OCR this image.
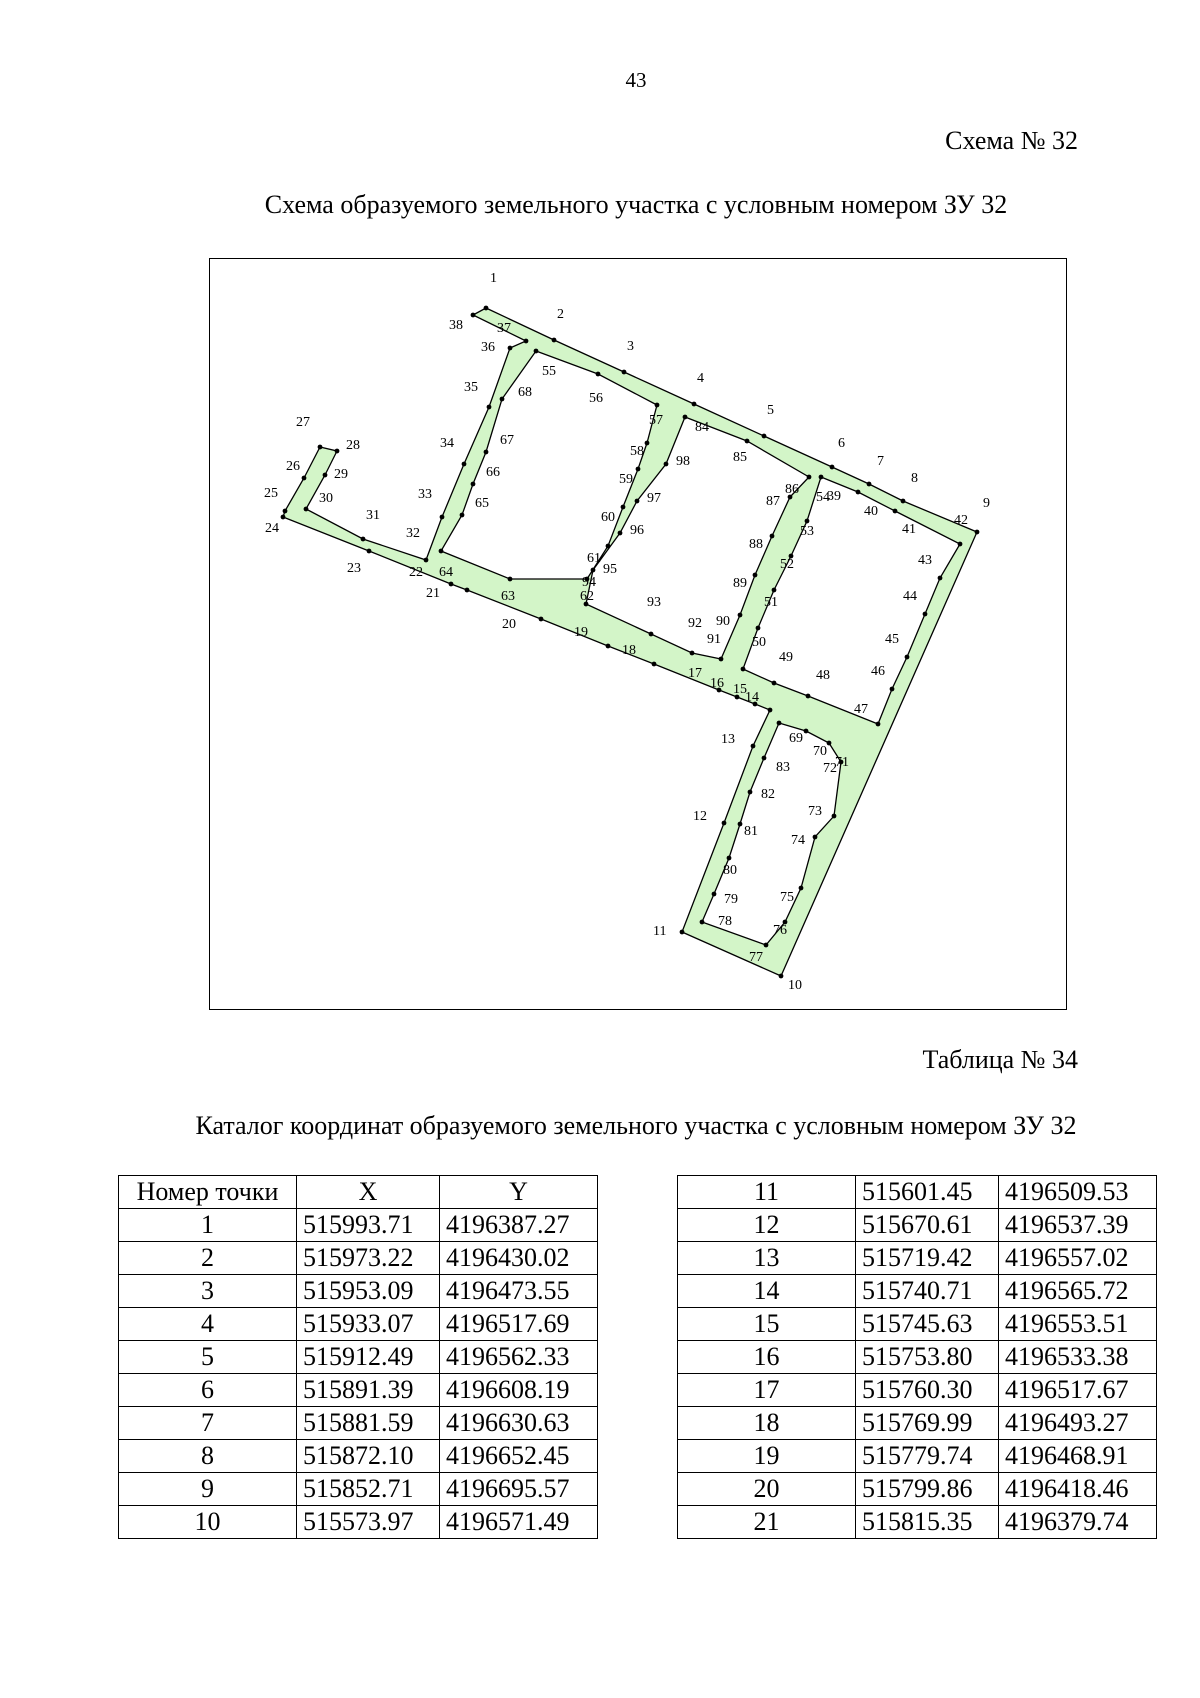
43
Схема № 32
Схема образуемого земельного участка с условным номером ЗУ 32
1
2
3
4
5
6
7
8
9
10
11
12
13
14
15
16
17
18
19
20
21
22
23
24
25
26
27
28
29
30
31
32
33
34
35
36
37
38
39
40
41
42
43
44
45
46
47
48
49
50
51
52
53
54
55
56
57
58
59
60
61
62
63
64
65
66
67
68
69
70
71
72
73
74
75
76
77
78
79
80
81
82
83
84
85
86
87
88
89
90
91
92
93
94
95
96
97
98
Таблица № 34
Каталог координат образуемого земельного участка с условным номером ЗУ 32
Номер точки	X	Y
1	515993.71	4196387.27
2	515973.22	4196430.02
3	515953.09	4196473.55
4	515933.07	4196517.69
5	515912.49	4196562.33
6	515891.39	4196608.19
7	515881.59	4196630.63
8	515872.10	4196652.45
9	515852.71	4196695.57
10	515573.97	4196571.49
11	515601.45	4196509.53
12	515670.61	4196537.39
13	515719.42	4196557.02
14	515740.71	4196565.72
15	515745.63	4196553.51
16	515753.80	4196533.38
17	515760.30	4196517.67
18	515769.99	4196493.27
19	515779.74	4196468.91
20	515799.86	4196418.46
21	515815.35	4196379.74
